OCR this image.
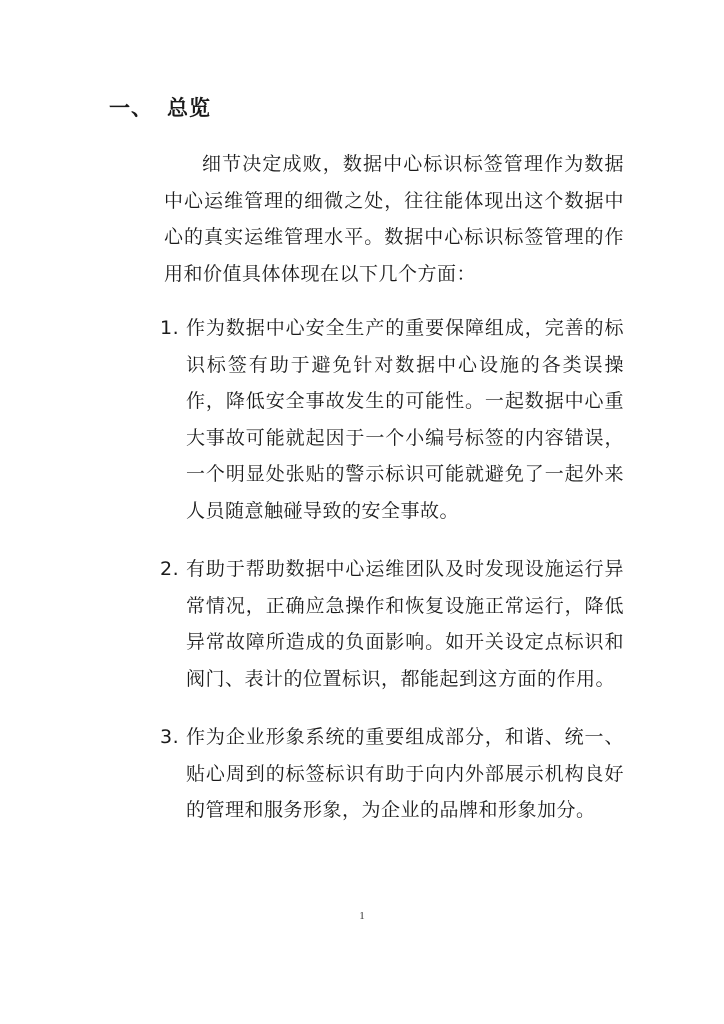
一、 总览

细节决定成败，数据中心标识标签管理作为数据中心运维管理的细微之处，往往能体现出这个数据中心的真实运维管理水平。数据中心标识标签管理的作用和价值具体体现在以下几个方面：

1. 作为数据中心安全生产的重要保障组成，完善的标识标签有助于避免针对数据中心设施的各类误操作，降低安全事故发生的可能性。一起数据中心重大事故可能就起因于一个小编号标签的内容错误，一个明显处张贴的警示标识可能就避免了一起外来人员随意触碰导致的安全事故。
2. 有助于帮助数据中心运维团队及时发现设施运行异常情况，正确应急操作和恢复设施正常运行，降低异常故障所造成的负面影响。如开关设定点标识和阀门、表计的位置标识，都能起到这方面的作用。
3. 作为企业形象系统的重要组成部分，和谐、统一、贴心周到的标签标识有助于向内外部展示机构良好的管理和服务形象，为企业的品牌和形象加分。
1
